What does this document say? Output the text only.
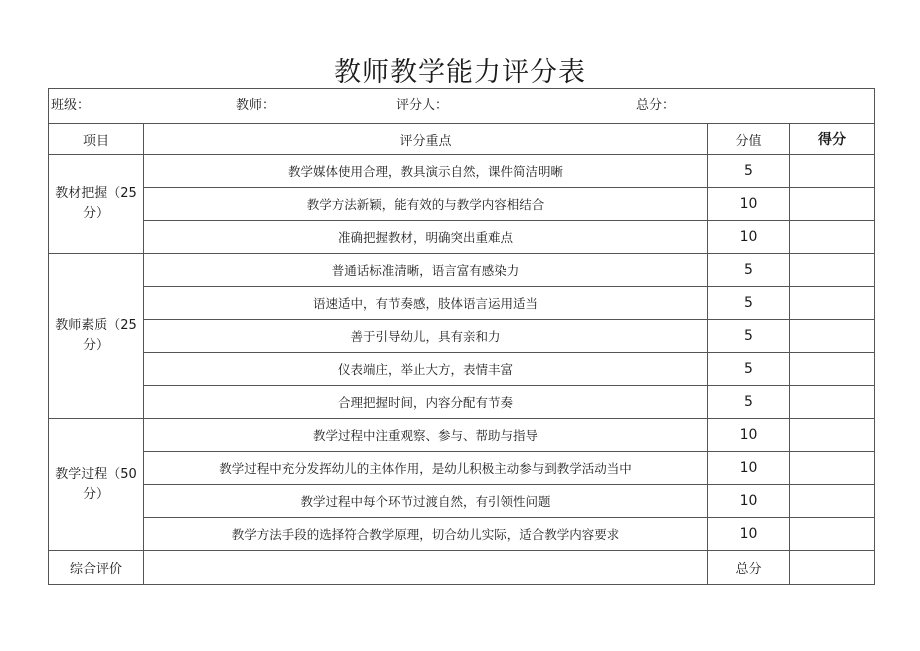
教师教学能力评分表
班级： 教师： 评分人： 总分：			

项目	评分重点	分值	得分
教材把握（25分）	教学媒体使用合理，教具演示自然，课件简洁明晰	5	
	教学方法新颖，能有效的与教学内容相结合	10	
	准确把握教材，明确突出重难点	10	
教师素质（25分）	普通话标准清晰，语言富有感染力	5	
	语速适中，有节奏感，肢体语言运用适当	5	
	善于引导幼儿，具有亲和力	5	
	仪表端庄，举止大方，表情丰富	5	
	合理把握时间，内容分配有节奏	5	
教学过程（50分）	教学过程中注重观察、参与、帮助与指导	10	
	教学过程中充分发挥幼儿的主体作用，是幼儿积极主动参与到教学活动当中	10	
	教学过程中每个环节过渡自然，有引领性问题	10	
	教学方法手段的选择符合教学原理，切合幼儿实际，适合教学内容要求	10	
综合评价		总分	
